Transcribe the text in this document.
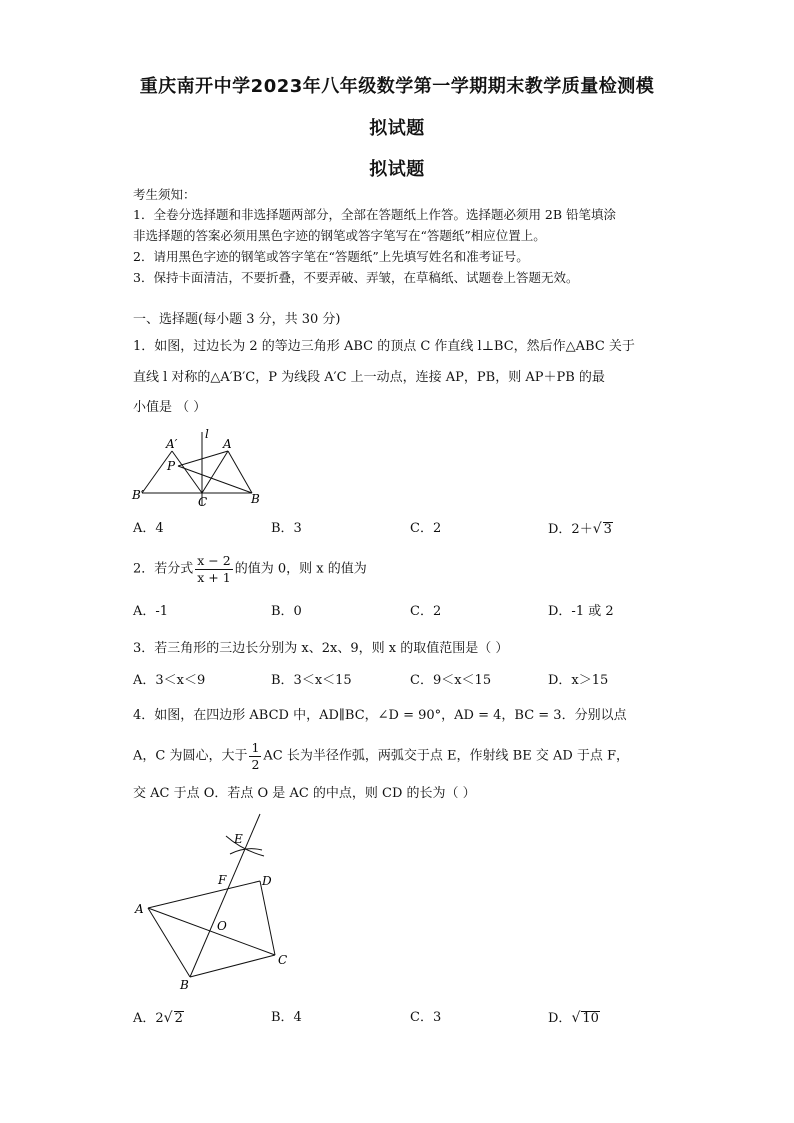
重庆南开中学2023年八年级数学第一学期期末教学质量检测模
拟试题
拟试题
考生须知：
1．全卷分选择题和非选择题两部分，全部在答题纸上作答。选择题必须用 2B 铅笔填涂
非选择题的答案必须用黑色字迹的钢笔或答字笔写在“答题纸”相应位置上。
2．请用黑色字迹的钢笔或答字笔在“答题纸”上先填写姓名和准考证号。
3．保持卡面清洁，不要折叠，不要弄破、弄皱，在草稿纸、试题卷上答题无效。
一、选择题(每小题 3 分，共 30 分)
1．如图，过边长为 2 的等边三角形 ABC 的顶点 C 作直线 l⊥BC，然后作△ABC 关于
直线 l 对称的△A′B′C，P 为线段 A′C 上一动点，连接 AP，PB，则 AP＋PB 的最
小值是 （ ）
A′
l
A
P
B′	C	B
A．4	B．3	C．2	D．2＋√ 3
2．若分式 $\frac{x - 2}{x + 1}$ 的值为 0，则 x 的值为
A．-1	B．0	C．2	D．-1 或 2
3．若三角形的三边长分别为 x、2x、9，则 x 的取值范围是（ ）
A．3＜x＜9	B．3＜x＜15	C．9＜x＜15	D．x＞15
4．如图，在四边形 ABCD 中，AD∥BC，∠D = 90°，AD = 4，BC = 3．分别以点
A，C 为圆心，大于 $\frac{1}{2}$ AC 长为半径作弧，两弧交于点 E，作射线 BE 交 AD 于点 F，
交 AC 于点 O．若点 O 是 AC 的中点，则 CD 的长为（ ）
E
F	D
A
O
B
C
A．2√ 2	B．4	C．3	D．√ 10
